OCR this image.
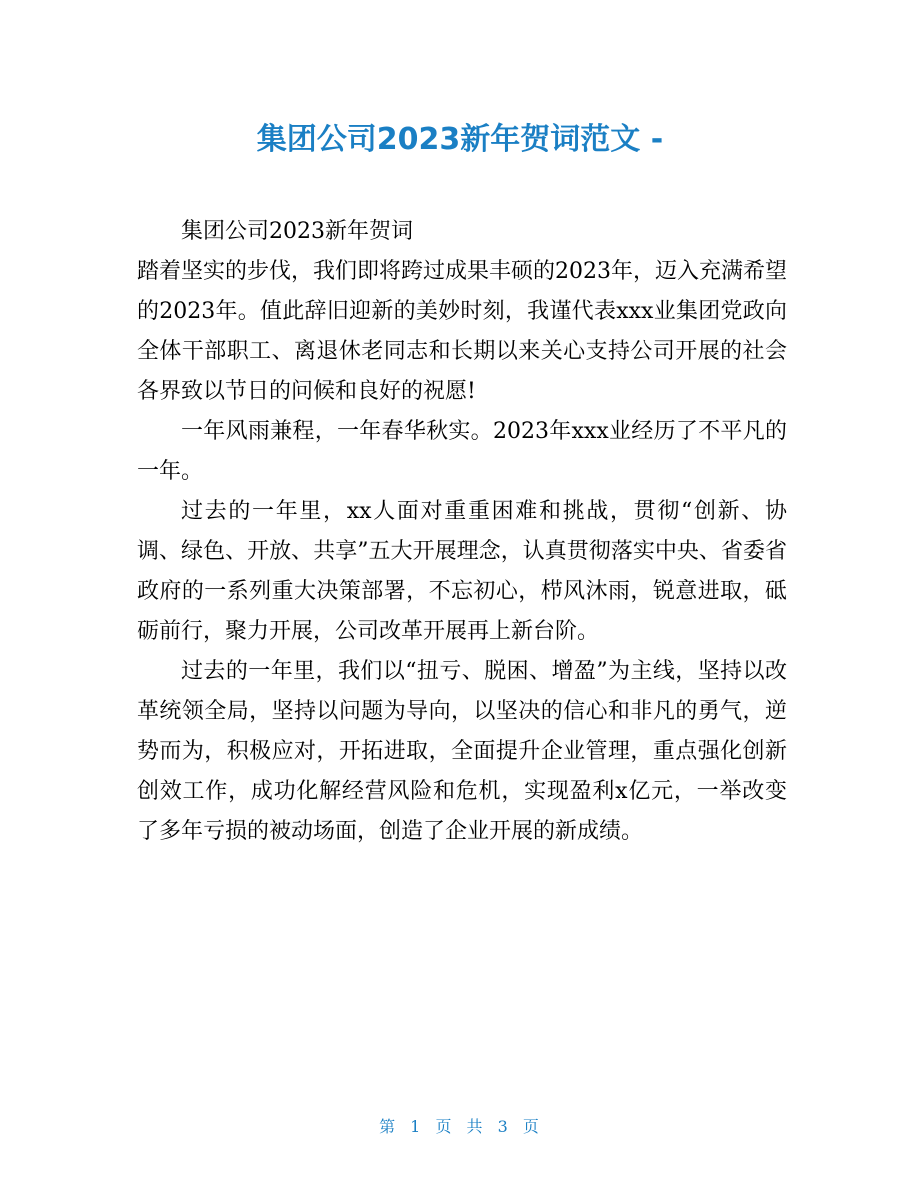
集团公司2023新年贺词范文 -

集团公司2023新年贺词

踏着坚实的步伐，我们即将跨过成果丰硕的2023年，迈入充满希望的2023年。值此辞旧迎新的美妙时刻，我谨代表xxx业集团党政向全体干部职工、离退休老同志和长期以来关心支持公司开展的社会各界致以节日的问候和良好的祝愿!

一年风雨兼程，一年春华秋实。2023年xxx业经历了不平凡的一年。

过去的一年里，xx人面对重重困难和挑战，贯彻“创新、协调、绿色、开放、共享”五大开展理念，认真贯彻落实中央、省委省政府的一系列重大决策部署，不忘初心，栉风沐雨，锐意进取，砥砺前行，聚力开展，公司改革开展再上新台阶。

过去的一年里，我们以“扭亏、脱困、增盈”为主线，坚持以改革统领全局，坚持以问题为导向，以坚决的信心和非凡的勇气，逆势而为，积极应对，开拓进取，全面提升企业管理，重点强化创新创效工作，成功化解经营风险和危机，实现盈利x亿元，一举改变了多年亏损的被动场面，创造了企业开展的新成绩。

第 1 页 共 3 页
